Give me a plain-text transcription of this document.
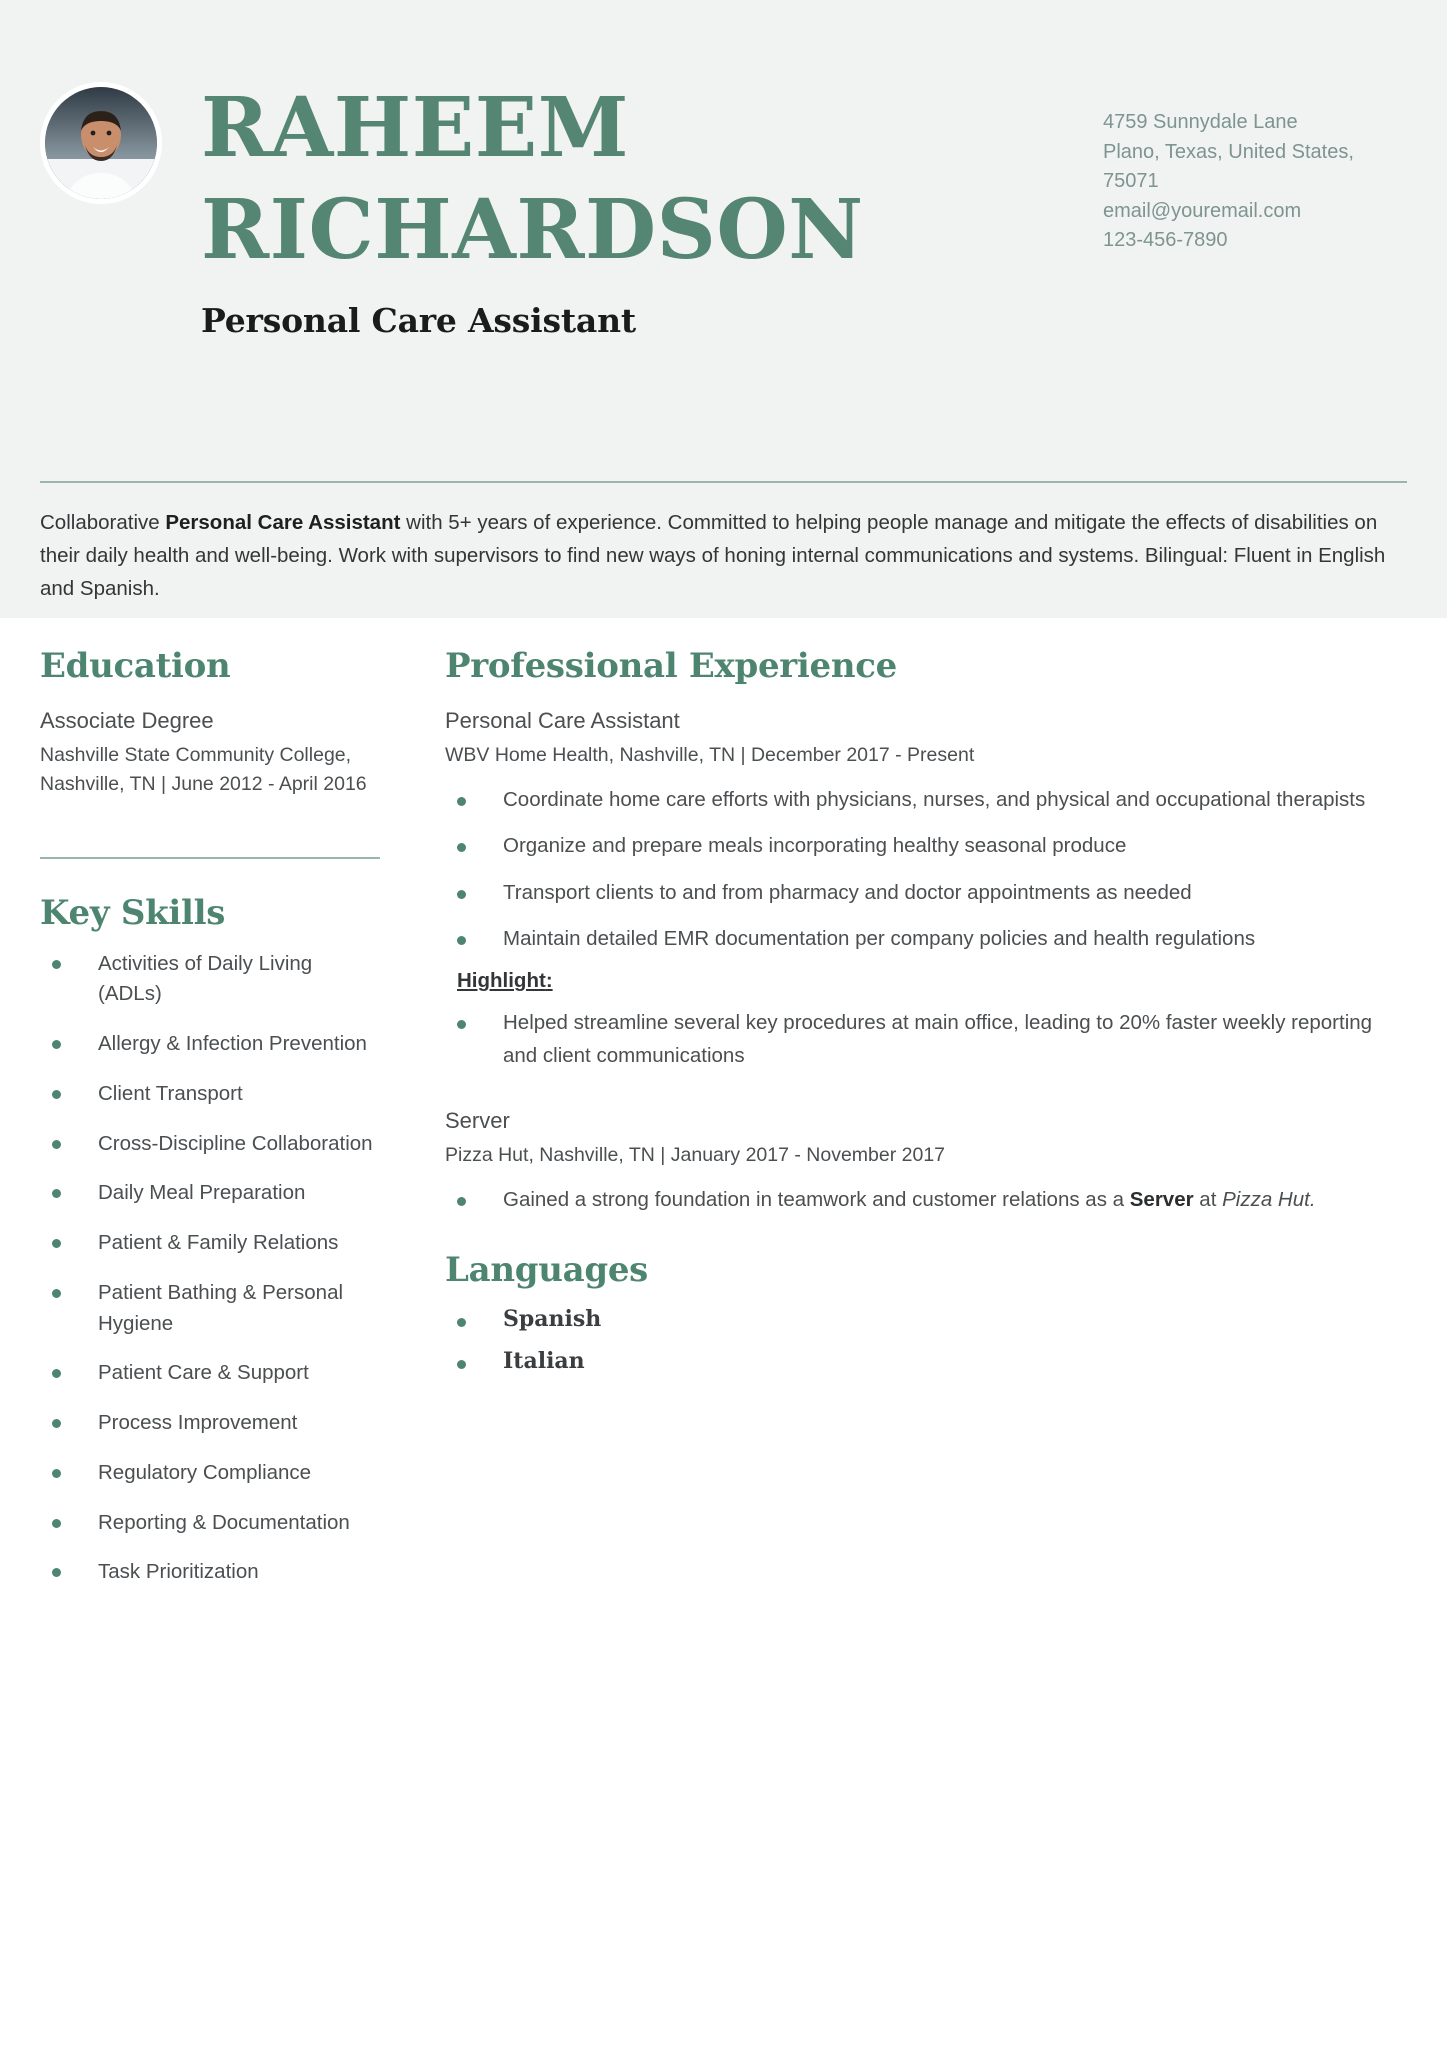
RAHEEM
RICHARDSON
Personal Care Assistant
4759 Sunnydale Lane
Plano, Texas, United States,
75071
email@youremail.com
123-456-7890
Collaborative Personal Care Assistant with 5+ years of experience. Committed to helping people manage and mitigate the effects of disabilities on their daily health and well-being. Work with supervisors to find new ways of honing internal communications and systems. Bilingual: Fluent in English and Spanish.
Education
Associate Degree
Nashville State Community College, Nashville, TN | June 2012 - April 2016
Key Skills
Activities of Daily Living (ADLs)
Allergy & Infection Prevention
Client Transport
Cross-Discipline Collaboration
Daily Meal Preparation
Patient & Family Relations
Patient Bathing & Personal Hygiene
Patient Care & Support
Process Improvement
Regulatory Compliance
Reporting & Documentation
Task Prioritization
Professional Experience
Personal Care Assistant
WBV Home Health, Nashville, TN | December 2017 - Present
Coordinate home care efforts with physicians, nurses, and physical and occupational therapists
Organize and prepare meals incorporating healthy seasonal produce
Transport clients to and from pharmacy and doctor appointments as needed
Maintain detailed EMR documentation per company policies and health regulations
Highlight:
Helped streamline several key procedures at main office, leading to 20% faster weekly reporting and client communications
Server
Pizza Hut, Nashville, TN | January 2017 - November 2017
Gained a strong foundation in teamwork and customer relations as a Server at Pizza Hut.
Languages
Spanish
Italian
